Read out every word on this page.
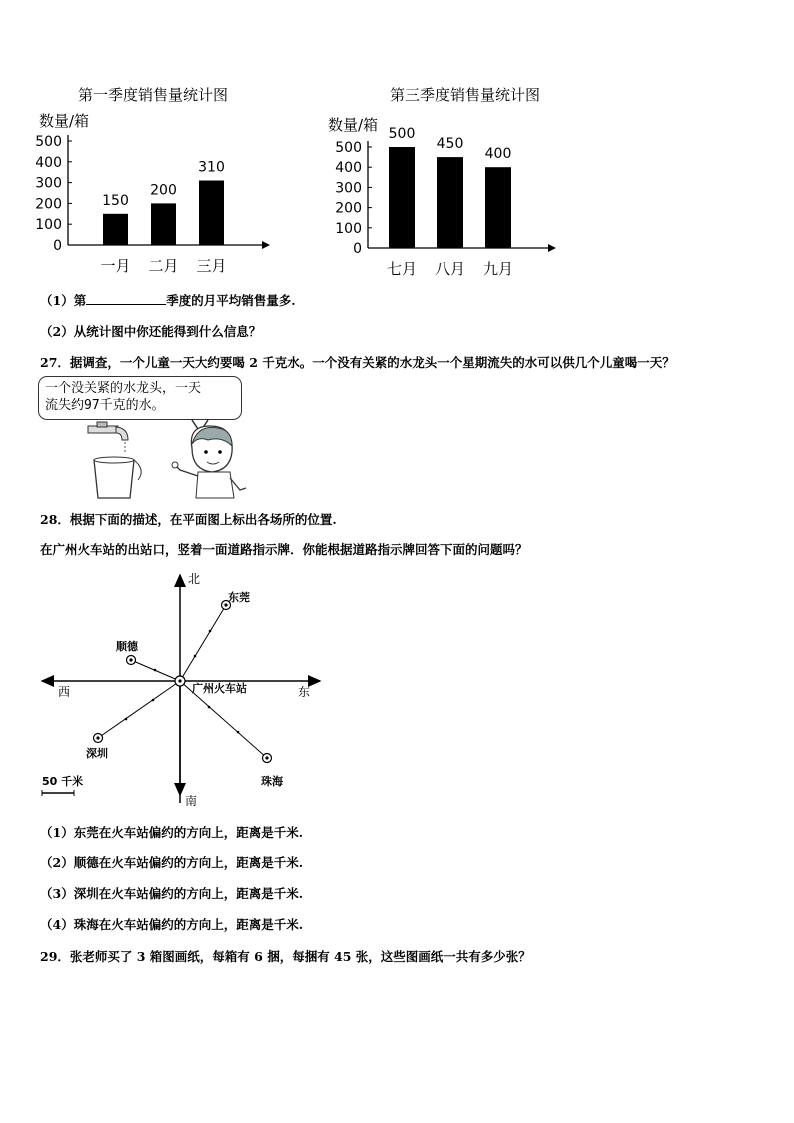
第一季度销售量统计图
数量/箱
500
400
300
200
100
0
150
一月
200
二月
310
三月
第三季度销售量统计图
数量/箱
500
400
300
200
100
0
500
七月
450
八月
400
九月
（1）第	季度的月平均销售量多.
（2）从统计图中你还能得到什么信息？
27．据调查，一个儿童一天大约要喝 2 千克水。一个没有关紧的水龙头一个星期流失的水可以供几个儿童喝一天？
一个没关紧的水龙头，一天
流失约97千克的水。
28．根据下面的描述，在平面图上标出各场所的位置.
在广州火车站的出站口，竖着一面道路指示牌．你能根据道路指示牌回答下面的问题吗？
北
南
东
西
东莞
顺德
深圳
珠海
广州火车站
50 千米
（1）东莞在火车站偏约的方向上，距离是千米.
（2）顺德在火车站偏约的方向上，距离是千米.
（3）深圳在火车站偏约的方向上，距离是千米.
（4）珠海在火车站偏约的方向上，距离是千米.
29．张老师买了 3 箱图画纸，每箱有 6 捆，每捆有 45 张，这些图画纸一共有多少张？
